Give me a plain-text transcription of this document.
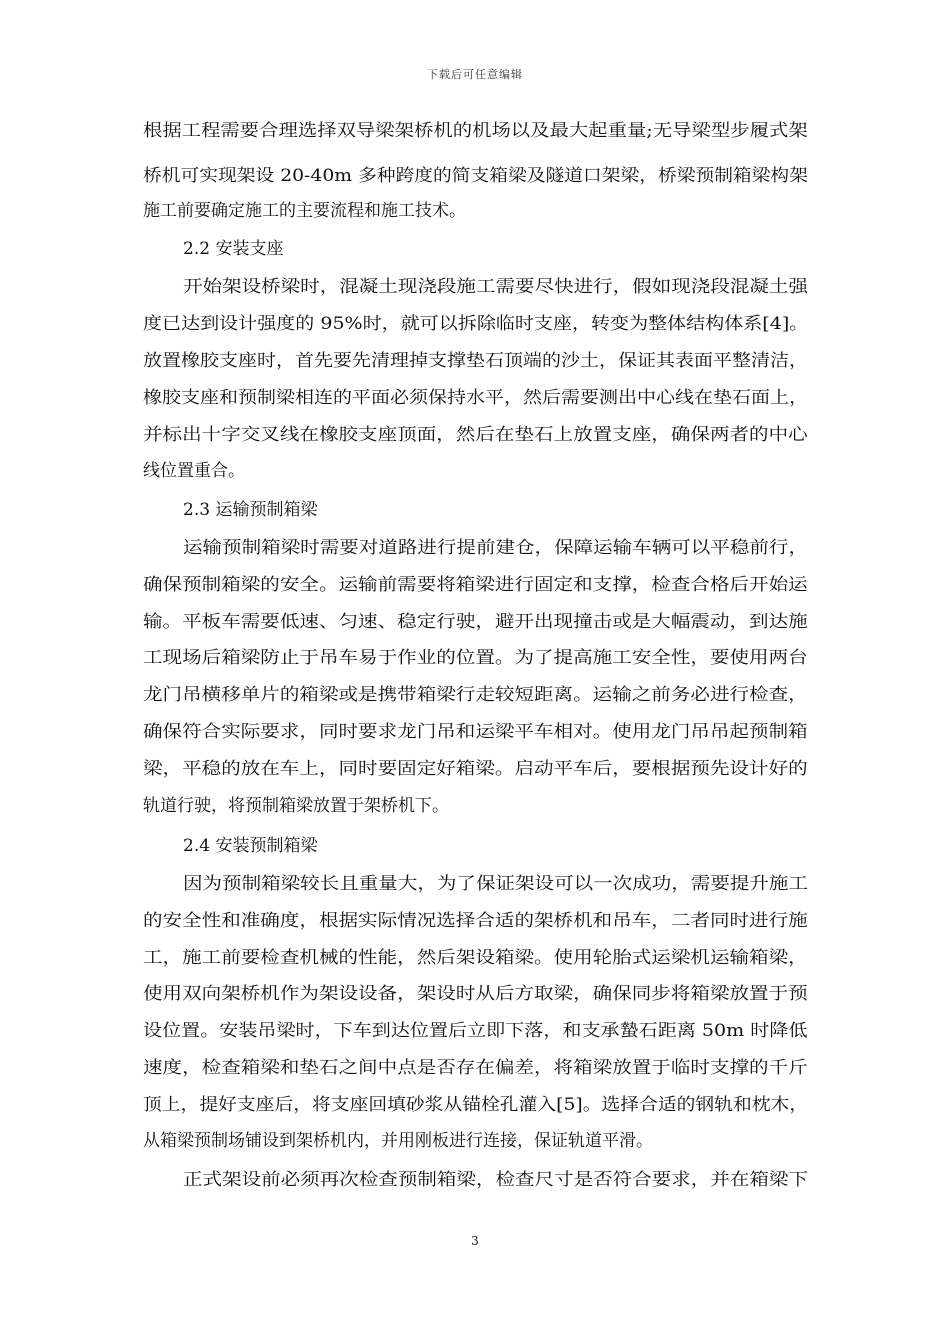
下载后可任意编辑
根据工程需要合理选择双导梁架桥机的机场以及最大起重量;无导梁型步履式架
桥机可实现架设 20-40m 多种跨度的简支箱梁及隧道口架梁，桥梁预制箱梁构架
施工前要确定施工的主要流程和施工技术。
2.2 安装支座
开始架设桥梁时，混凝土现浇段施工需要尽快进行，假如现浇段混凝土强
度已达到设计强度的 95%时，就可以拆除临时支座，转变为整体结构体系[4]。
放置橡胶支座时，首先要先清理掉支撑垫石顶端的沙土，保证其表面平整清洁，
橡胶支座和预制梁相连的平面必须保持水平，然后需要测出中心线在垫石面上，
并标出十字交叉线在橡胶支座顶面，然后在垫石上放置支座，确保两者的中心
线位置重合。
2.3 运输预制箱梁
运输预制箱梁时需要对道路进行提前建仓，保障运输车辆可以平稳前行，
确保预制箱梁的安全。运输前需要将箱梁进行固定和支撑，检查合格后开始运
输。平板车需要低速、匀速、稳定行驶，避开出现撞击或是大幅震动，到达施
工现场后箱梁防止于吊车易于作业的位置。为了提高施工安全性，要使用两台
龙门吊横移单片的箱梁或是携带箱梁行走较短距离。运输之前务必进行检查，
确保符合实际要求，同时要求龙门吊和运梁平车相对。使用龙门吊吊起预制箱
梁，平稳的放在车上，同时要固定好箱梁。启动平车后，要根据预先设计好的
轨道行驶，将预制箱梁放置于架桥机下。
2.4 安装预制箱梁
因为预制箱梁较长且重量大，为了保证架设可以一次成功，需要提升施工
的安全性和准确度，根据实际情况选择合适的架桥机和吊车，二者同时进行施
工，施工前要检查机械的性能，然后架设箱梁。使用轮胎式运梁机运输箱梁，
使用双向架桥机作为架设设备，架设时从后方取梁，确保同步将箱梁放置于预
设位置。安装吊梁时，下车到达位置后立即下落，和支承蟄石距离 50m 时降低
速度，检查箱梁和垫石之间中点是否存在偏差，将箱梁放置于临时支撑的千斤
顶上，提好支座后，将支座回填砂浆从锚栓孔灌入[5]。选择合适的钢轨和枕木，
从箱梁预制场铺设到架桥机内，并用刚板进行连接，保证轨道平滑。
正式架设前必须再次检查预制箱梁，检查尺寸是否符合要求，并在箱梁下
3
